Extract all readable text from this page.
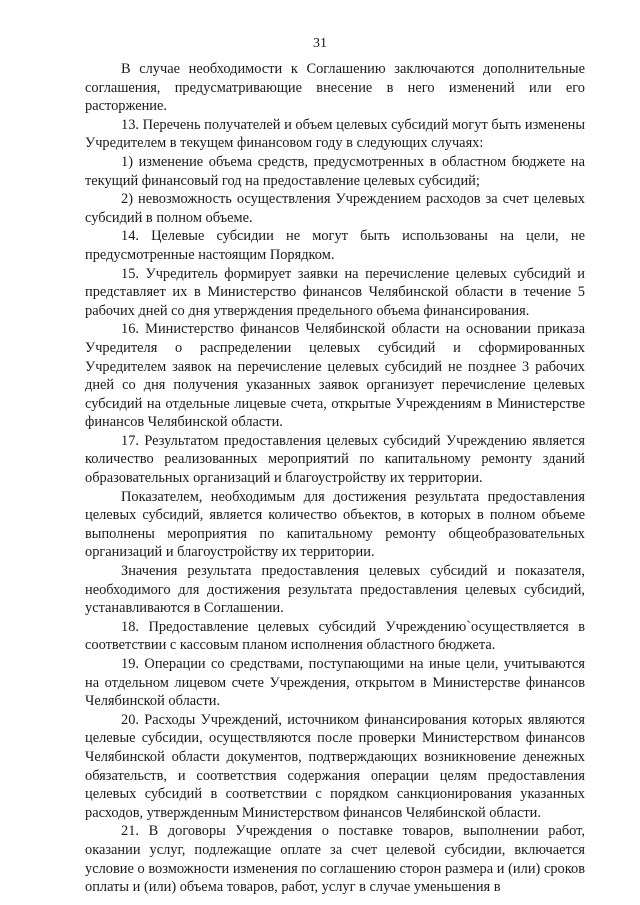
31

В случае необходимости к Соглашению заключаются дополнительные соглашения, предусматривающие внесение в него изменений или его расторжение.

13. Перечень получателей и объем целевых субсидий могут быть изменены Учредителем в текущем финансовом году в следующих случаях:

1) изменение объема средств, предусмотренных в областном бюджете на текущий финансовый год на предоставление целевых субсидий;

2) невозможность осуществления Учреждением расходов за счет целевых субсидий в полном объеме.

14. Целевые субсидии не могут быть использованы на цели, не предусмотренные настоящим Порядком.

15. Учредитель формирует заявки на перечисление целевых субсидий и представляет их в Министерство финансов Челябинской области в течение 5 рабочих дней со дня утверждения предельного объема финансирования.

16. Министерство финансов Челябинской области на основании приказа Учредителя о распределении целевых субсидий и сформированных Учредителем заявок на перечисление целевых субсидий не позднее 3 рабочих дней со дня получения указанных заявок организует перечисление целевых субсидий на отдельные лицевые счета, открытые Учреждениям в Министерстве финансов Челябинской области.

17. Результатом предоставления целевых субсидий Учреждению является количество реализованных мероприятий по капитальному ремонту зданий образовательных организаций и благоустройству их территории.

Показателем, необходимым для достижения результата предоставления целевых субсидий, является количество объектов, в которых в полном объеме выполнены мероприятия по капитальному ремонту общеобразовательных организаций и благоустройству их территории.

Значения результата предоставления целевых субсидий и показателя, необходимого для достижения результата предоставления целевых субсидий, устанавливаются в Соглашении.

18. Предоставление целевых субсидий Учреждению`осуществляется в соответствии с кассовым планом исполнения областного бюджета.

19. Операции со средствами, поступающими на иные цели, учитываются на отдельном лицевом счете Учреждения, открытом в Министерстве финансов Челябинской области.

20. Расходы Учреждений, источником финансирования которых являются целевые субсидии, осуществляются после проверки Министерством финансов Челябинской области документов, подтверждающих возникновение денежных обязательств, и соответствия содержания операции целям предоставления целевых субсидий в соответствии с порядком санкционирования указанных расходов, утвержденным Министерством финансов Челябинской области.

21. В договоры Учреждения о поставке товаров, выполнении работ, оказании услуг, подлежащие оплате за счет целевой субсидии, включается условие о возможности изменения по соглашению сторон размера и (или) сроков оплаты и (или) объема товаров, работ, услуг в случае уменьшения в
